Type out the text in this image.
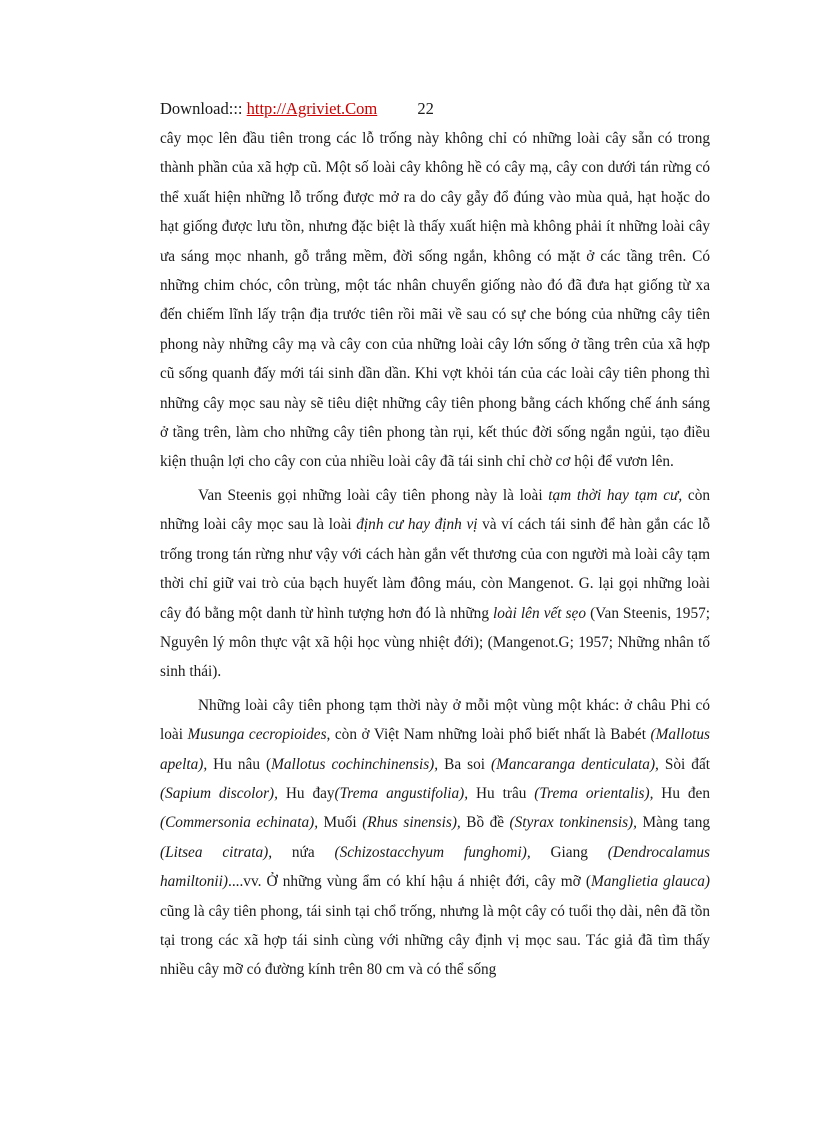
Download::: http://Agriviet.Com 22

cây mọc lên đầu tiên trong các lỗ trống này không chỉ có những loài cây sẵn có trong thành phần của xã hợp cũ. Một số loài cây không hề có cây mạ, cây con dưới tán rừng có thể xuất hiện những lỗ trống được mở ra do cây gẫy đổ đúng vào mùa quả, hạt hoặc do hạt giống được lưu tồn, nhưng đặc biệt là thấy xuất hiện mà không phải ít những loài cây ưa sáng mọc nhanh, gỗ trắng mềm, đời sống ngắn, không có mặt ở các tầng trên. Có những chim chóc, côn trùng, một tác nhân chuyển giống nào đó đã đưa hạt giống từ xa đến chiếm lĩnh lấy trận địa trước tiên rồi mãi về sau có sự che bóng của những cây tiên phong này những cây mạ và cây con của những loài cây lớn sống ở tầng trên của xã hợp cũ sống quanh đấy mới tái sinh dần dần. Khi vợt khỏi tán của các loài cây tiên phong thì những cây mọc sau này sẽ tiêu diệt những cây tiên phong bằng cách khống chế ánh sáng ở tầng trên, làm cho những cây tiên phong tàn rụi, kết thúc đời sống ngắn ngủi, tạo điều kiện thuận lợi cho cây con của nhiều loài cây đã tái sinh chỉ chờ cơ hội để vươn lên.

Van Steenis gọi những loài cây tiên phong này là loài tạm thời hay tạm cư, còn những loài cây mọc sau là loài định cư hay định vị và ví cách tái sinh để hàn gắn các lỗ trống trong tán rừng như vậy với cách hàn gắn vết thương của con người mà loài cây tạm thời chỉ giữ vai trò của bạch huyết làm đông máu, còn Mangenot. G. lại gọi những loài cây đó bằng một danh từ hình tượng hơn đó là những loài lên vết sẹo (Van Steenis, 1957; Nguyên lý môn thực vật xã hội học vùng nhiệt đới); (Mangenot.G; 1957; Những nhân tố sinh thái).

Những loài cây tiên phong tạm thời này ở mỗi một vùng một khác: ở châu Phi có loài Musunga cecropioides, còn ở Việt Nam những loài phổ biết nhất là Babét (Mallotus apelta), Hu nâu (Mallotus cochinchinensis), Ba soi (Mancaranga denticulata), Sòi đất (Sapium discolor), Hu đay(Trema angustifolia), Hu trâu (Trema orientalis), Hu đen (Commersonia echinata), Muối (Rhus sinensis), Bồ đề (Styrax tonkinensis), Màng tang (Litsea citrata), nứa (Schizostacchyum funghomi), Giang (Dendrocalamus hamiltonii)....vv. Ở những vùng ẩm có khí hậu á nhiệt đới, cây mỡ (Manglietia glauca) cũng là cây tiên phong, tái sinh tại chổ trống, nhưng là một cây có tuổi thọ dài, nên đã tồn tại trong các xã hợp tái sinh cùng với những cây định vị mọc sau. Tác giả đã tìm thấy nhiều cây mỡ có đường kính trên 80 cm và có thể sống
